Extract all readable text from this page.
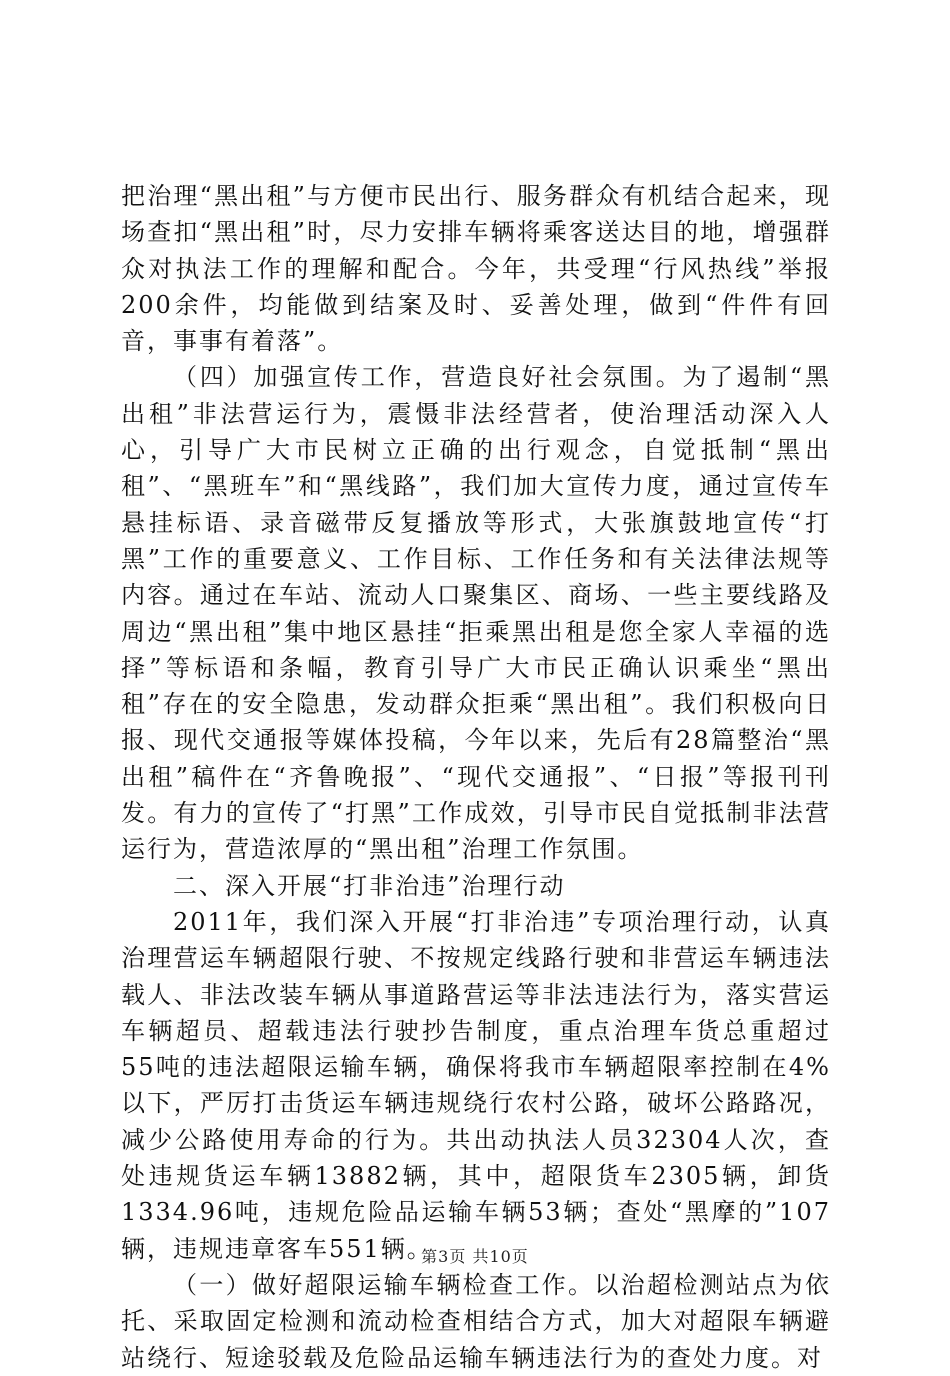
把治理“黑出租”与方便市民出行、服务群众有机结合起来，现场查扣“黑出租”时，尽力安排车辆将乘客送达目的地，增强群众对执法工作的理解和配合。今年，共受理“行风热线”举报200余件，均能做到结案及时、妥善处理，做到“件件有回音，事事有着落”。

（四）加强宣传工作，营造良好社会氛围。为了遏制“黑出租”非法营运行为，震慑非法经营者，使治理活动深入人心，引导广大市民树立正确的出行观念，自觉抵制“黑出租”、“黑班车”和“黑线路”，我们加大宣传力度，通过宣传车悬挂标语、录音磁带反复播放等形式，大张旗鼓地宣传“打黑”工作的重要意义、工作目标、工作任务和有关法律法规等内容。通过在车站、流动人口聚集区、商场、一些主要线路及周边“黑出租”集中地区悬挂“拒乘黑出租是您全家人幸福的选择”等标语和条幅，教育引导广大市民正确认识乘坐“黑出租”存在的安全隐患，发动群众拒乘“黑出租”。我们积极向日报、现代交通报等媒体投稿，今年以来，先后有28篇整治“黑出租”稿件在“齐鲁晚报”、“现代交通报”、“日报”等报刊刊发。有力的宣传了“打黑”工作成效，引导市民自觉抵制非法营运行为，营造浓厚的“黑出租”治理工作氛围。

二、深入开展“打非治违”治理行动

2011年，我们深入开展“打非治违”专项治理行动，认真治理营运车辆超限行驶、不按规定线路行驶和非营运车辆违法载人、非法改装车辆从事道路营运等非法违法行为，落实营运车辆超员、超载违法行驶抄告制度，重点治理车货总重超过55吨的违法超限运输车辆，确保将我市车辆超限率控制在4%以下，严厉打击货运车辆违规绕行农村公路，破坏公路路况，减少公路使用寿命的行为。共出动执法人员32304人次，查处违规货运车辆13882辆，其中，超限货车2305辆，卸货1334.96吨，违规危险品运输车辆53辆；查处“黑摩的”107辆，违规违章客车551辆。

（一）做好超限运输车辆检查工作。以治超检测站点为依托、采取固定检测和流动检查相结合方式，加大对超限车辆避站绕行、短途驳载及危险品运输车辆违法行为的查处力度。对

第3页 共10页
